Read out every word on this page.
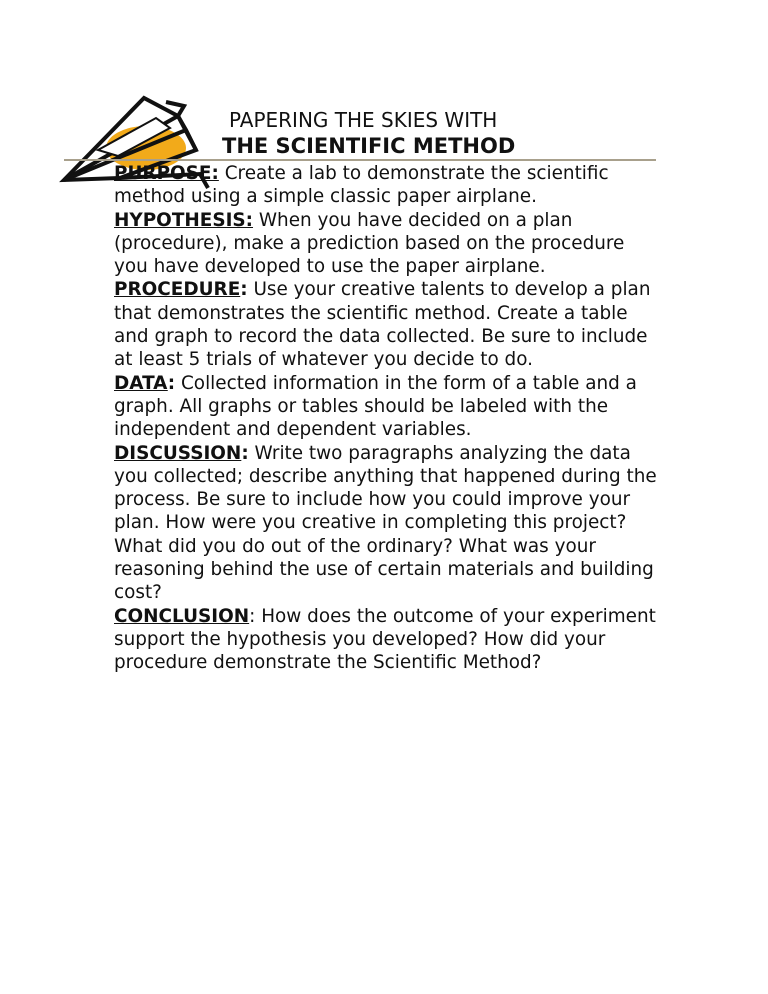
PAPERING THE SKIES WITH
THE SCIENTIFIC METHOD

PURPOSE: Create a lab to demonstrate the scientific method using a simple classic paper airplane.

HYPOTHESIS: When you have decided on a plan (procedure), make a prediction based on the procedure you have developed to use the paper airplane.

PROCEDURE: Use your creative talents to develop a plan that demonstrates the scientific method. Create a table and graph to record the data collected. Be sure to include at least 5 trials of whatever you decide to do.

DATA: Collected information in the form of a table and a graph. All graphs or tables should be labeled with the independent and dependent variables.

DISCUSSION: Write two paragraphs analyzing the data you collected; describe anything that happened during the process. Be sure to include how you could improve your plan. How were you creative in completing this project? What did you do out of the ordinary? What was your reasoning behind the use of certain materials and building cost?

CONCLUSION: How does the outcome of your experiment support the hypothesis you developed? How did your procedure demonstrate the Scientific Method?
